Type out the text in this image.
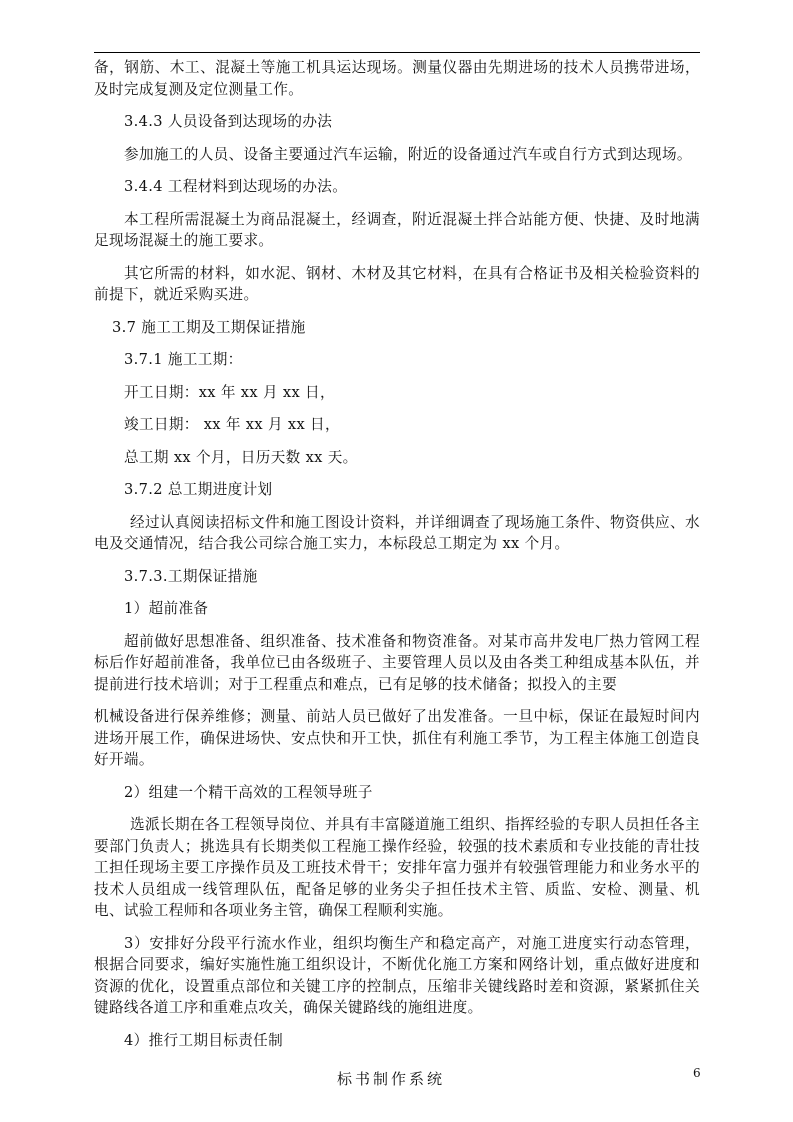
备，钢筋、木工、混凝土等施工机具运达现场。测量仪器由先期进场的技术人员携带进场，及时完成复测及定位测量工作。

3.4.3 人员设备到达现场的办法

参加施工的人员、设备主要通过汽车运输，附近的设备通过汽车或自行方式到达现场。

3.4.4 工程材料到达现场的办法。

本工程所需混凝土为商品混凝土，经调查，附近混凝土拌合站能方便、快捷、及时地满足现场混凝土的施工要求。

其它所需的材料，如水泥、钢材、木材及其它材料，在具有合格证书及相关检验资料的前提下，就近采购买进。

3.7 施工工期及工期保证措施

3.7.1 施工工期：

开工日期：xx 年 xx 月 xx 日，

竣工日期： xx 年 xx 月 xx 日，

总工期 xx 个月，日历天数 xx 天。

3.7.2 总工期进度计划

经过认真阅读招标文件和施工图设计资料，并详细调查了现场施工条件、物资供应、水电及交通情况，结合我公司综合施工实力，本标段总工期定为 xx 个月。

3.7.3.工期保证措施

1）超前准备

超前做好思想准备、组织准备、技术准备和物资准备。对某市高井发电厂热力管网工程标后作好超前准备，我单位已由各级班子、主要管理人员以及由各类工种组成基本队伍，并提前进行技术培训；对于工程重点和难点，已有足够的技术储备；拟投入的主要

机械设备进行保养维修；测量、前站人员已做好了出发准备。一旦中标，保证在最短时间内进场开展工作，确保进场快、安点快和开工快，抓住有利施工季节，为工程主体施工创造良好开端。

2）组建一个精干高效的工程领导班子

选派长期在各工程领导岗位、并具有丰富隧道施工组织、指挥经验的专职人员担任各主要部门负责人；挑选具有长期类似工程施工操作经验，较强的技术素质和专业技能的青壮技工担任现场主要工序操作员及工班技术骨干；安排年富力强并有较强管理能力和业务水平的技术人员组成一线管理队伍，配备足够的业务尖子担任技术主管、质监、安检、测量、机电、试验工程师和各项业务主管，确保工程顺利实施。

3）安排好分段平行流水作业，组织均衡生产和稳定高产，对施工进度实行动态管理，根据合同要求，编好实施性施工组织设计，不断优化施工方案和网络计划，重点做好进度和资源的优化，设置重点部位和关键工序的控制点，压缩非关键线路时差和资源，紧紧抓住关键路线各道工序和重难点攻关，确保关键路线的施组进度。

4）推行工期目标责任制

标书制作系统	6
